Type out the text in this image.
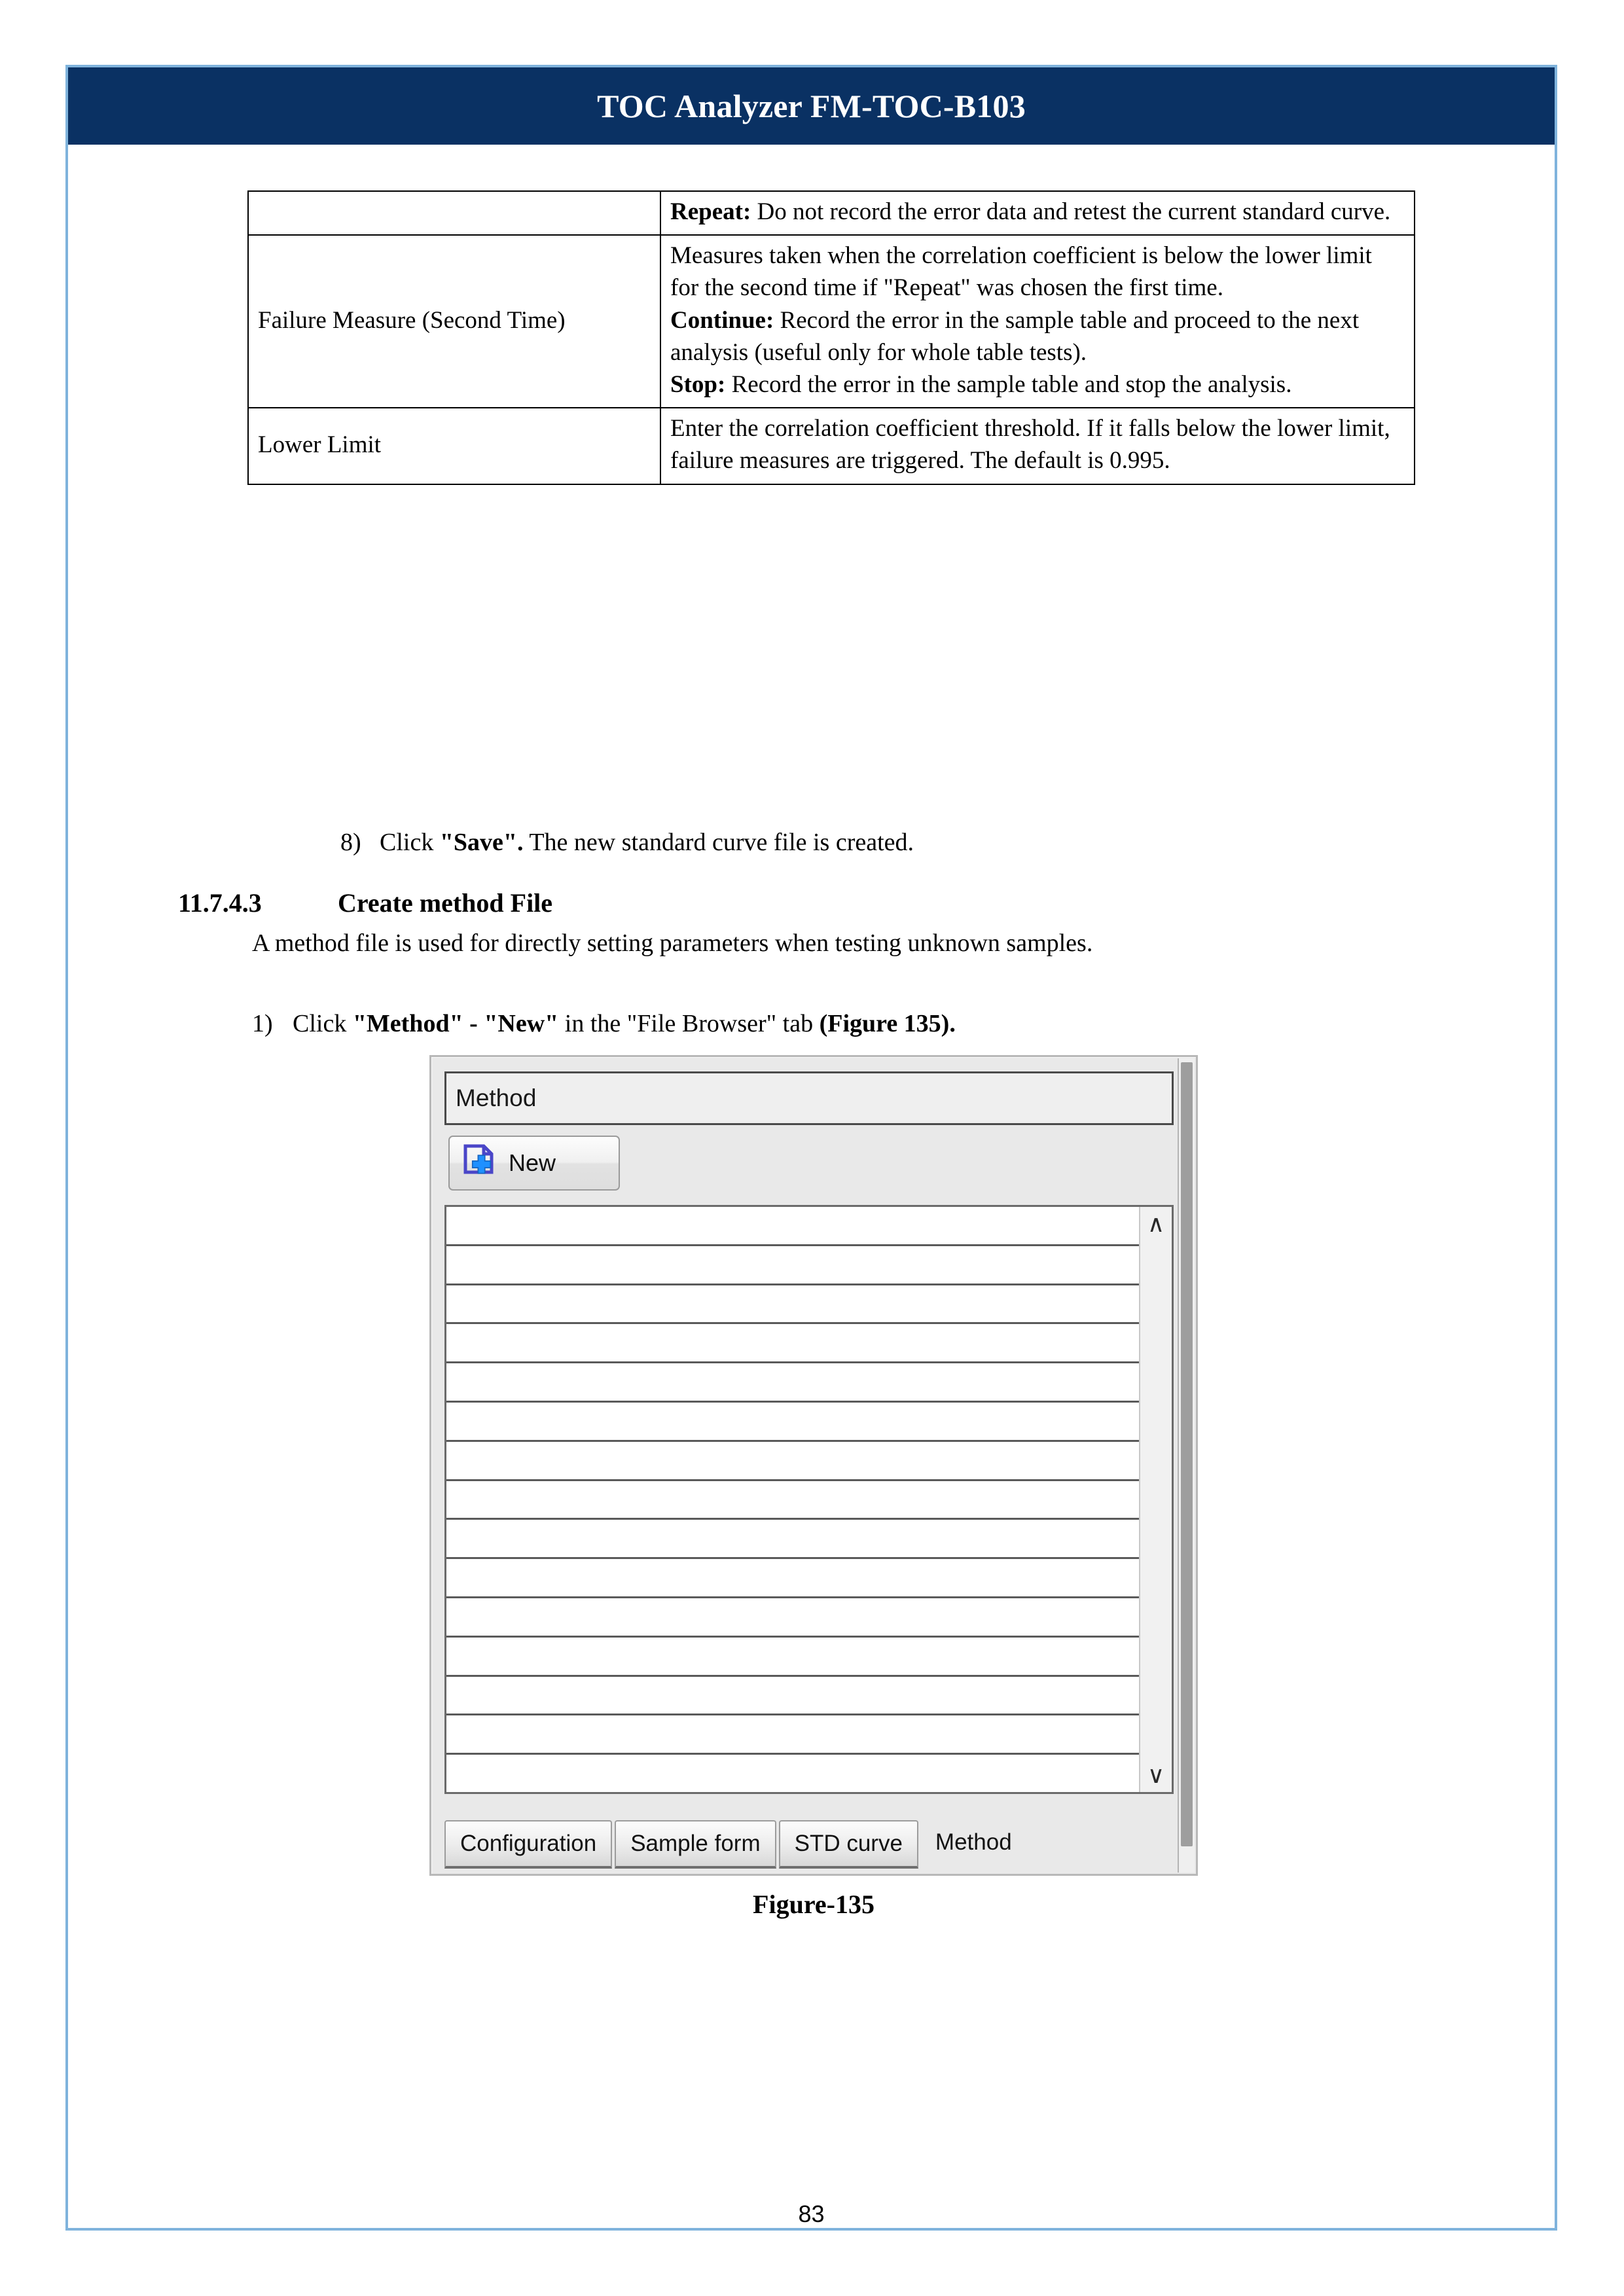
TOC Analyzer FM-TOC-B103
	Repeat: Do not record the error data and retest the current standard curve.
Failure Measure (Second Time)	Measures taken when the correlation coefficient is below the lower limit for the second time if "Repeat" was chosen the first time.
Continue: Record the error in the sample table and proceed to the next analysis (useful only for whole table tests).
Stop: Record the error in the sample table and stop the analysis.
Lower Limit	Enter the correlation coefficient threshold. If it falls below the lower limit, failure measures are triggered. The default is 0.995.
8) Click "Save". The new standard curve file is created.
11.7.4.3	Create method File
A method file is used for directly setting parameters when testing unknown samples.
1) Click "Method" - "New" in the "File Browser" tab (Figure 135).
Method
New
∧
∨
Configuration Sample form STD curve Method
Figure-135
83
